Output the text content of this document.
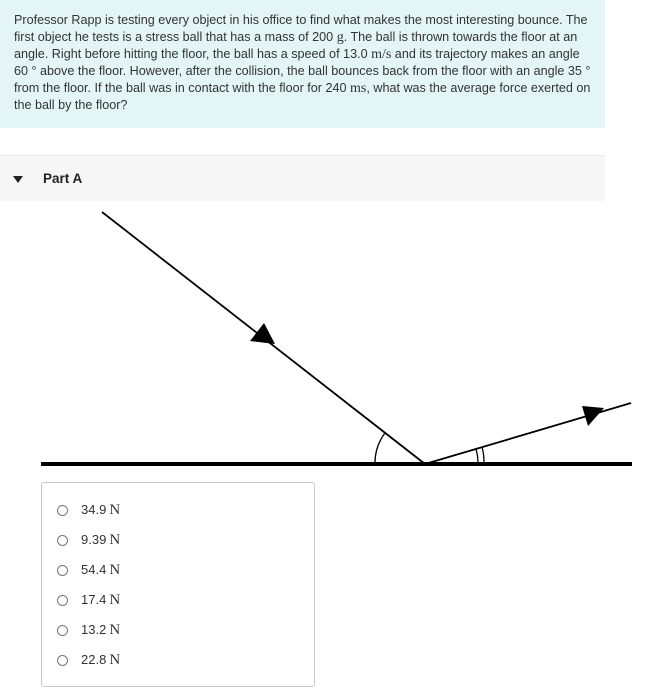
Professor Rapp is testing every object in his office to find what makes the most interesting bounce. The first object he tests is a stress ball that has a mass of 200 g. The ball is thrown towards the floor at an angle. Right before hitting the floor, the ball has a speed of 13.0 m/s and its trajectory makes an angle 60 ° above the floor. However, after the collision, the ball bounces back from the floor with an angle 35 ° from the floor. If the ball was in contact with the floor for 240 ms, what was the average force exerted on the ball by the floor?
Part A
34.9 N
9.39 N
54.4 N
17.4 N
13.2 N
22.8 N
